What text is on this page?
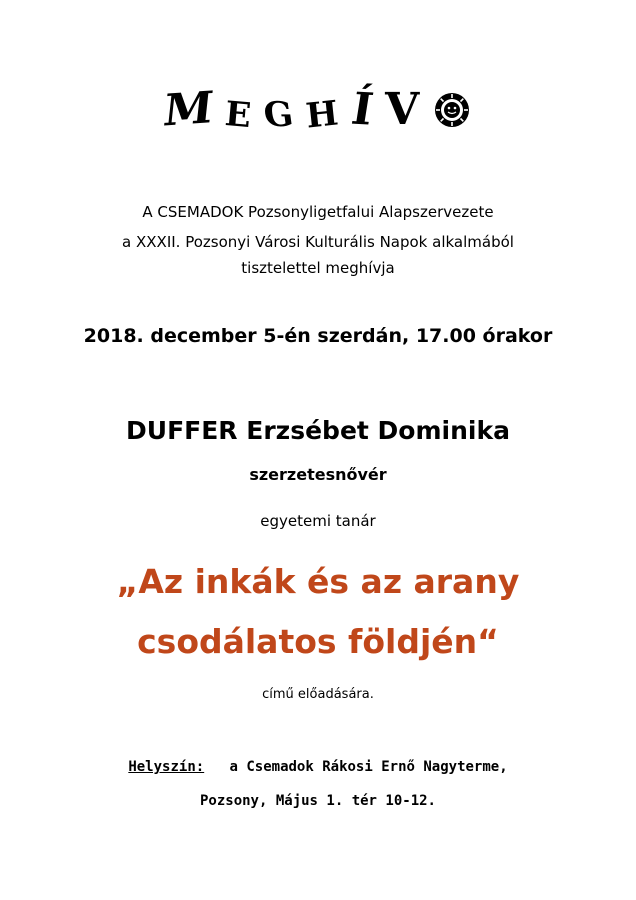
M E G H Í V
A CSEMADOK Pozsonyligetfalui Alapszervezete
a XXXII. Pozsonyi Városi Kulturális Napok alkalmából
tisztelettel meghívja
2018. december 5-én szerdán, 17.00 órakor
DUFFER Erzsébet Dominika
szerzetesnővér
egyetemi tanár
„Az inkák és az arany
csodálatos földjén“
című előadására.
Helyszín: a Csemadok Rákosi Ernő Nagyterme,
Pozsony, Május 1. tér 10-12.
